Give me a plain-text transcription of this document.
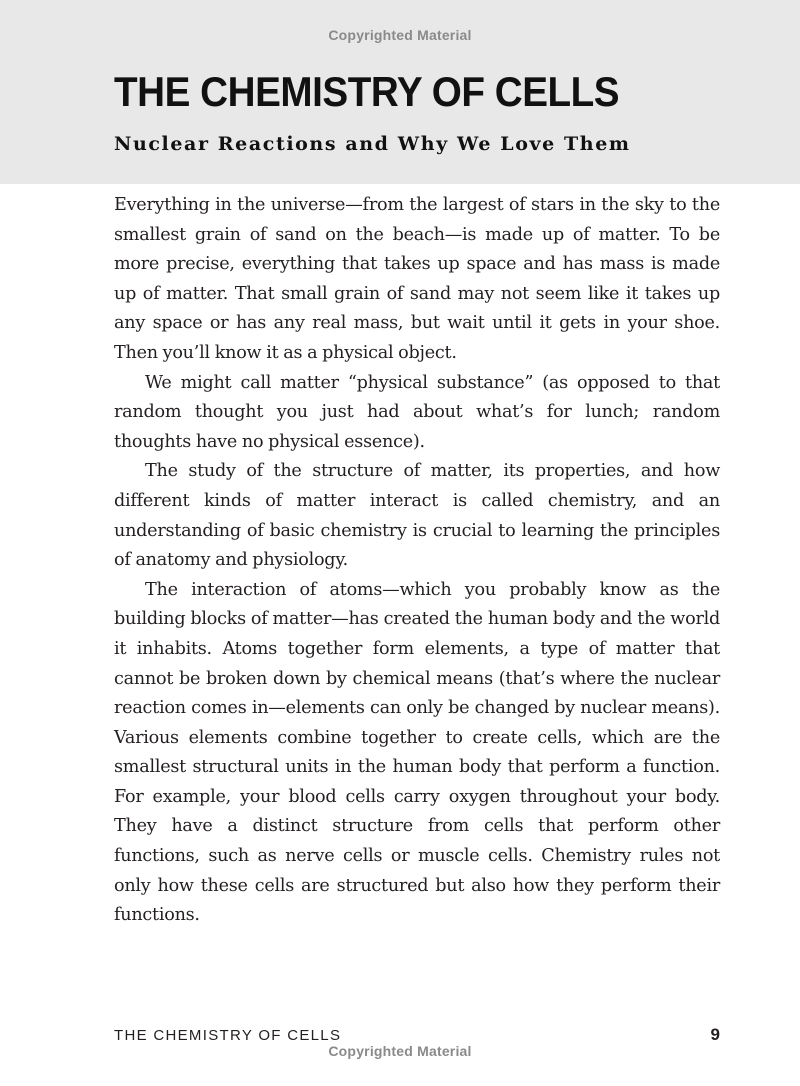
Copyrighted Material
THE CHEMISTRY OF CELLS
Nuclear Reactions and Why We Love Them

Everything in the universe—from the largest of stars in the sky to the smallest grain of sand on the beach—is made up of matter. To be more precise, everything that takes up space and has mass is made up of matter. That small grain of sand may not seem like it takes up any space or has any real mass, but wait until it gets in your shoe. Then you’ll know it as a physical object.

We might call matter “physical substance” (as opposed to that random thought you just had about what’s for lunch; random thoughts have no physical essence).

The study of the structure of matter, its properties, and how different kinds of matter interact is called chemistry, and an understanding of basic chemistry is crucial to learning the principles of anatomy and physiology.

The interaction of atoms—which you probably know as the building blocks of matter—has created the human body and the world it inhabits. Atoms together form elements, a type of matter that cannot be broken down by chemical means (that’s where the nuclear reaction comes in—elements can only be changed by nuclear means). Various elements combine together to create cells, which are the smallest structural units in the human body that perform a function. For example, your blood cells carry oxygen throughout your body. They have a distinct structure from cells that perform other functions, such as nerve cells or muscle cells. Chemistry rules not only how these cells are structured but also how they perform their functions.

THE CHEMISTRY OF CELLS	9
Copyrighted Material
